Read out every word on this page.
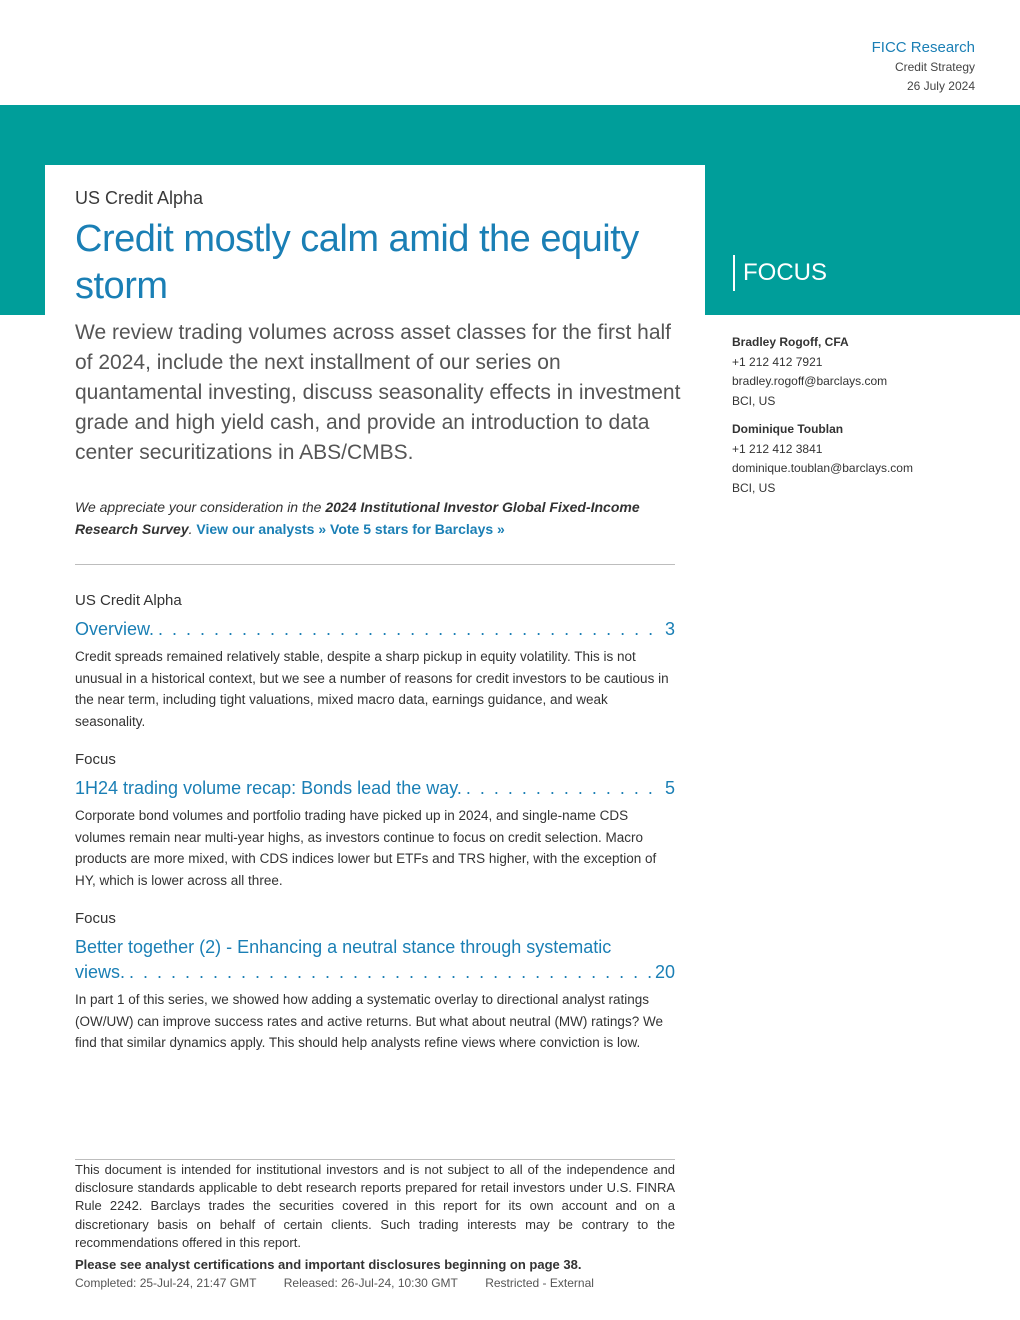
FICC Research
Credit Strategy
26 July 2024
US Credit Alpha
Credit mostly calm amid the equity storm

We review trading volumes across asset classes for the first half of 2024, include the next installment of our series on quantamental investing, discuss seasonality effects in investment grade and high yield cash, and provide an introduction to data center securitizations in ABS/CMBS.

FOCUS
Bradley Rogoff, CFA
+1 212 412 7921
bradley.rogoff@barclays.com
BCI, US
Dominique Toublan
+1 212 412 3841
dominique.toublan@barclays.com
BCI, US
We appreciate your consideration in the 2024 Institutional Investor Global Fixed-Income
Research Survey. View our analysts » Vote 5 stars for Barclays »
US Credit Alpha
Overview. . . .	3
Credit spreads remained relatively stable, despite a sharp pickup in equity volatility. This is not unusual in a historical context, but we see a number of reasons for credit investors to be cautious in the near term, including tight valuations, mixed macro data, earnings guidance, and weak seasonality.
Focus
1H24 trading volume recap: Bonds lead the way. . . .	5
Corporate bond volumes and portfolio trading have picked up in 2024, and single-name CDS volumes remain near multi-year highs, as investors continue to focus on credit selection. Macro products are more mixed, with CDS indices lower but ETFs and TRS higher, with the exception of HY, which is lower across all three.
Focus
Better together (2) - Enhancing a neutral stance through systematic
views. . . .	20
In part 1 of this series, we showed how adding a systematic overlay to directional analyst ratings (OW/UW) can improve success rates and active returns. But what about neutral (MW) ratings? We find that similar dynamics apply. This should help analysts refine views where conviction is low.
This document is intended for institutional investors and is not subject to all of the independence and disclosure standards applicable to debt research reports prepared for retail investors under U.S. FINRA Rule 2242. Barclays trades the securities covered in this report for its own account and on a discretionary basis on behalf of certain clients. Such trading interests may be contrary to the recommendations offered in this report.
Please see analyst certifications and important disclosures beginning on page 38.
Completed: 25-Jul-24, 21:47 GMT Released: 26-Jul-24, 10:30 GMT Restricted - External
